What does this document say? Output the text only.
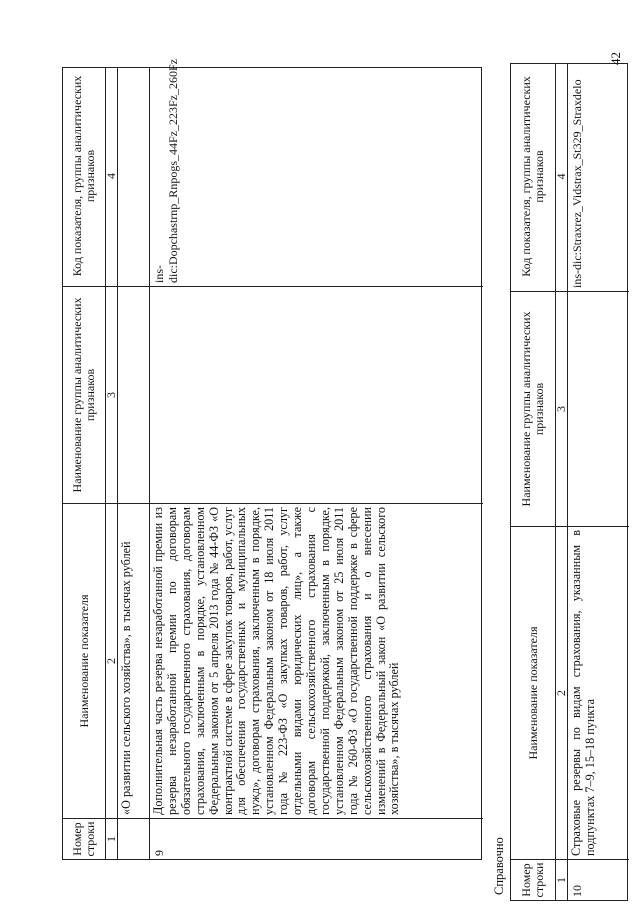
Номер строки
Наименование показателя
Наименование группы аналитических признаков
Код показателя, группы аналитических признаков
1
2
3
4
«О развитии сельского хозяйства», в тысячах рублей
9
Дополнительная часть резерва незаработанной премии из резерва незаработанной премии по договорам обязательного государственного страхования, договорам страхования, заключенным в порядке, установленном Федеральным законом от 5 апреля 2013 года № 44-ФЗ «О контрактной системе в сфере закупок товаров, работ, услуг для обеспечения государственных и муниципальных нужд», договорам страхования, заключенным в порядке, установленном Федеральным законом от 18 июля 2011 года № 223-ФЗ «О закупках товаров, работ, услуг отдельными видами юридических лиц», а также договорам сельскохозяйственного страхования с государственной поддержкой, заключенным в порядке, установленном Федеральным законом от 25 июля 2011 года № 260-ФЗ «О государственной поддержке в сфере сельскохозяйственного страхования и о внесении изменений в Федеральный закон «О развитии сельского хозяйства», в тысячах рублей
ins-dic:Dopchastrnp_Rnpogs_44Fz_223Fz_260Fz
Справочно	Номер строки
Наименование показателя
Наименование группы аналитических признаков
Код показателя, группы аналитических признаков
1
2
3
4
10
Страховые резервы по видам страхования, указанным в подпунктах 7–9, 15–18 пункта
ins-dic:Straxrez_Vidstrax_St329_Straxdelo
42
